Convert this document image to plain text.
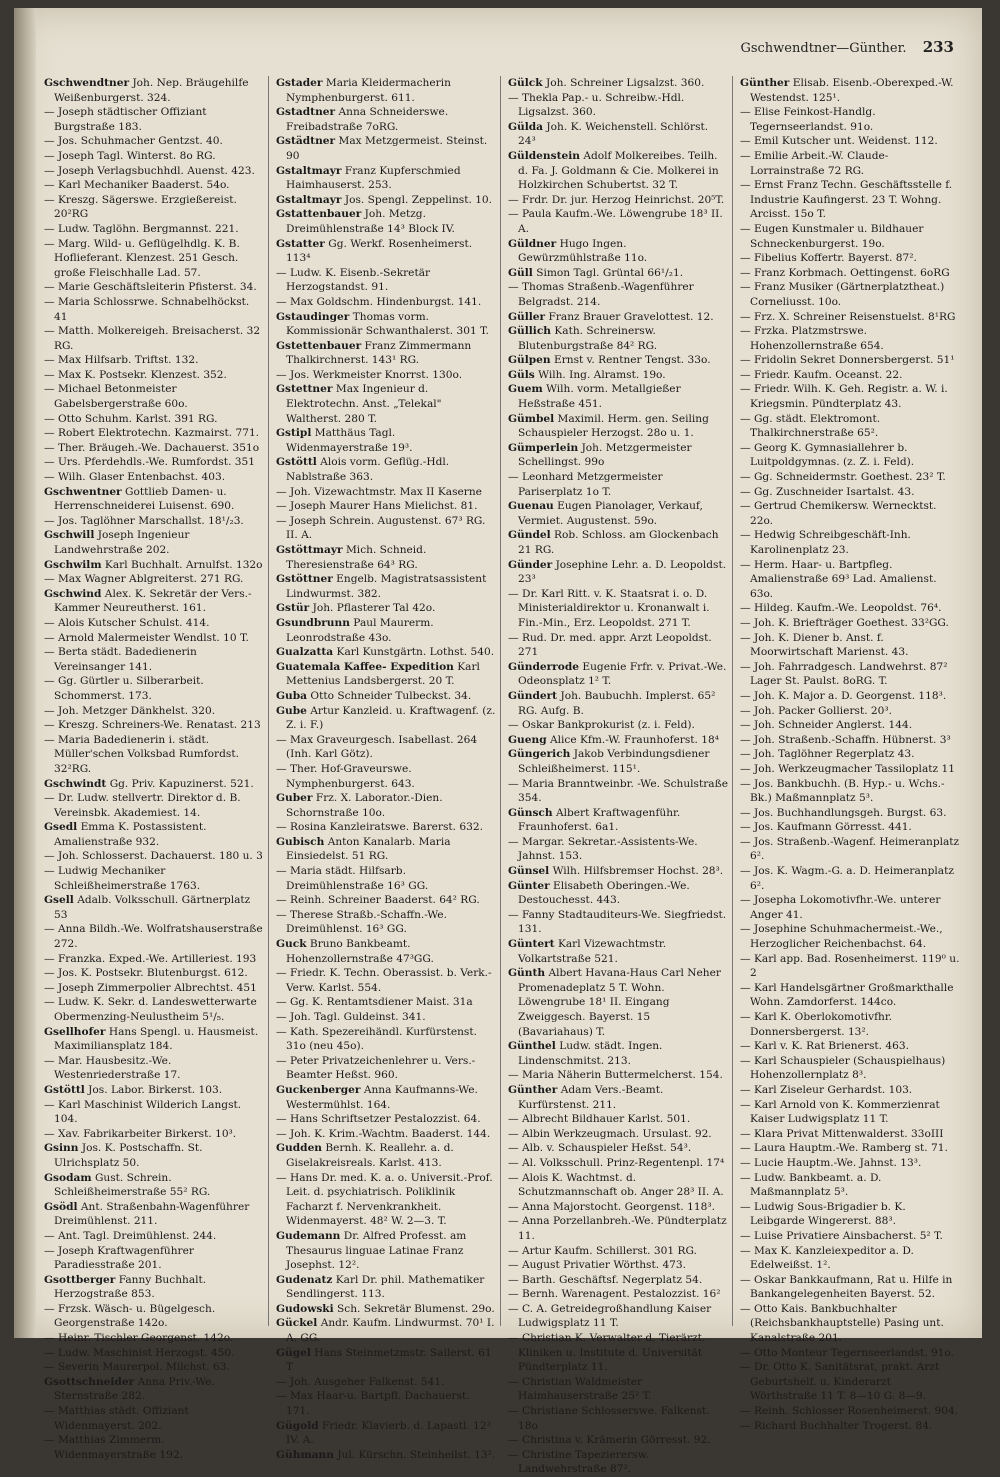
Gschwendtner—Günther. 233
Gschwendtner Joh. Nep. Bräugehilfe Weißenburgerst. 324.
— Joseph städtischer Offiziant Burgstraße 183.
— Jos. Schuhmacher Gentzst. 40.
— Joseph Tagl. Winterst. 8o RG.
— Joseph Verlagsbuchhdl. Auenst. 423.
— Karl Mechaniker Baaderst. 54o.
— Kreszg. Sägerswe. Erzgießereist. 20²RG
— Ludw. Taglöhn. Bergmannst. 221.
— Marg. Wild- u. Geflügelhdlg. K. B. Hoflieferant. Klenzest. 251 Gesch. große Fleischhalle Lad. 57.
— Marie Geschäftsleiterin Pfisterst. 34.
— Maria Schlossrwe. Schnabelhöckst. 41
— Matth. Molkereigeh. Breisacherst. 32 RG.
— Max Hilfsarb. Triftst. 132.
— Max K. Postsekr. Klenzest. 352.
— Michael Betonmeister Gabelsbergerstraße 60o.
— Otto Schuhm. Karlst. 391 RG.
— Robert Elektrotechn. Kazmairst. 771.
— Ther. Bräugeh.-We. Dachauerst. 351o
— Urs. Pferdehdls.-We. Rumfordst. 351
— Wilh. Glaser Entenbachst. 403.
Gschwentner Gottlieb Damen- u. Herrenschneiderei Luisenst. 690.
— Jos. Taglöhner Marschallst. 18¹/₂3.
Gschwill Joseph Ingenieur Landwehrstraße 202.
Gschwilm Karl Buchhalt. Arnulfst. 132o
— Max Wagner Ablgreiterst. 271 RG.
Gschwind Alex. K. Sekretär der Vers.-Kammer Neureutherst. 161.
— Alois Kutscher Schulst. 414.
— Arnold Malermeister Wendlst. 10 T.
— Berta städt. Badedienerin Vereinsanger 141.
— Gg. Gürtler u. Silberarbeit. Schommerst. 173.
— Joh. Metzger Dänkhelst. 320.
— Kreszg. Schreiners-We. Renatast. 213
— Maria Badedienerin i. städt. Müller'schen Volksbad Rumfordst. 32²RG.
Gschwindt Gg. Priv. Kapuzinerst. 521.
— Dr. Ludw. stellvertr. Direktor d. B. Vereinsbk. Akademiest. 14.
Gsedl Emma K. Postassistent. Amalienstraße 932.
— Joh. Schlosserst. Dachauerst. 180 u. 3
— Ludwig Mechaniker Schleißheimerstraße 1763.
Gsell Adalb. Volksschull. Gärtnerplatz 53
— Anna Bildh.-We. Wolfratshauserstraße 272.
— Franzka. Exped.-We. Artilleriest. 193
— Jos. K. Postsekr. Blutenburgst. 612.
— Joseph Zimmerpolier Albrechtst. 451
— Ludw. K. Sekr. d. Landeswetterwarte Obermenzing-Neulustheim 5¹/₅.
Gsellhofer Hans Spengl. u. Hausmeist. Maximiliansplatz 184.
— Mar. Hausbesitz.-We. Westenriederstraße 17.
Gstöttl Jos. Labor. Birkerst. 103.
— Karl Maschinist Wilderich Langst. 104.
— Xav. Fabrikarbeiter Birkerst. 10³.
Gsinn Jos. K. Postschaffn. St. Ulrichsplatz 50.
Gsodam Gust. Schrein. Schleißheimerstraße 55² RG.
Gsödl Ant. Straßenbahn-Wagenführer Dreimühlenst. 211.
— Ant. Tagl. Dreimühlenst. 244.
— Joseph Kraftwagenführer Paradiesstraße 201.
Gsottberger Fanny Buchhalt. Herzogstraße 853.
— Frzsk. Wäsch- u. Bügelgesch. Georgenstraße 142o.
— Heinr. Tischler Georgenst. 142o.
— Ludw. Maschinist Herzogst. 450.
— Severin Maurerpol. Milchst. 63.
Gsottschneider Anna Priv.-We. Sternstraße 282.
— Matthias städt. Offiziant Widenmayerst. 202.
— Matthias Zimmerm. Widenmayerstraße 192.
Gstader Maria Kleidermacherin Nymphenburgerst. 611.
Gstadtner Anna Schneiderswe. Freibadstraße 7oRG.
Gstädtner Max Metzgermeist. Steinst. 90
Gstaltmayr Franz Kupferschmied Haimhauserst. 253.
Gstaltmayr Jos. Spengl. Zeppelinst. 10.
Gstattenbauer Joh. Metzg. Dreimühlenstraße 14³ Block IV.
Gstatter Gg. Werkf. Rosenheimerst. 113⁴
— Ludw. K. Eisenb.-Sekretär Herzogstandst. 91.
— Max Goldschm. Hindenburgst. 141.
Gstaudinger Thomas vorm. Kommissionär Schwanthalerst. 301 T.
Gstettenbauer Franz Zimmermann Thalkirchnerst. 143¹ RG.
— Jos. Werkmeister Knorrst. 130o.
Gstettner Max Ingenieur d. Elektrotechn. Anst. „Telekal" Waltherst. 280 T.
Gstipl Matthäus Tagl. Widenmayerstraße 19³.
Gstöttl Alois vorm. Geflüg.-Hdl. Nablstraße 363.
— Joh. Vizewachtmstr. Max II Kaserne
— Joseph Maurer Hans Mielichst. 81.
— Joseph Schrein. Augustenst. 67³ RG. II. A.
Gstöttmayr Mich. Schneid. Theresienstraße 64³ RG.
Gstöttner Engelb. Magistratsassistent Lindwurmst. 382.
Gstür Joh. Pflasterer Tal 42o.
Gsundbrunn Paul Maurerm. Leonrodstraße 43o.
Gualzatta Karl Kunstgärtn. Lothst. 540.
Guatemala Kaffee- Expedition Karl Mettenius Landsbergerst. 20 T.
Guba Otto Schneider Tulbeckst. 34.
Gube Artur Kanzleid. u. Kraftwagenf. (z. Z. i. F.)
— Max Graveurgesch. Isabellast. 264 (Inh. Karl Götz).
— Ther. Hof-Graveurswe. Nymphenburgerst. 643.
Guber Frz. X. Laborator.-Dien. Schornstraße 10o.
— Rosina Kanzleiratswe. Barerst. 632.
Gubisch Anton Kanalarb. Maria Einsiedelst. 51 RG.
— Maria städt. Hilfsarb. Dreimühlenstraße 16³ GG.
— Reinh. Schreiner Baaderst. 64² RG.
— Therese Straßb.-Schaffn.-We. Dreimühlenst. 16³ GG.
Guck Bruno Bankbeamt. Hohenzollernstraße 47³GG.
— Friedr. K. Techn. Oberassist. b. Verk.-Verw. Karlst. 554.
— Gg. K. Rentamtsdiener Maist. 31a
— Joh. Tagl. Guldeinst. 341.
— Kath. Spezereihändl. Kurfürstenst. 31o (neu 45o).
— Peter Privatzeichenlehrer u. Vers.-Beamter Heßst. 960.
Guckenberger Anna Kaufmanns-We. Westermühlst. 164.
— Hans Schriftsetzer Pestalozzist. 64.
— Joh. K. Krim.-Wachtm. Baaderst. 144.
Gudden Bernh. K. Reallehr. a. d. Giselakreisreals. Karlst. 413.
— Hans Dr. med. K. a. o. Universit.-Prof. Leit. d. psychiatrisch. Poliklinik Facharzt f. Nervenkrankheit. Widenmayerst. 48² W. 2—3. T.
Gudemann Dr. Alfred Professt. am Thesaurus linguae Latinae Franz Josephst. 12².
Gudenatz Karl Dr. phil. Mathematiker Sendlingerst. 113.
Gudowski Sch. Sekretär Blumenst. 29o.
Gückel Andr. Kaufm. Lindwurmst. 70¹ I. A. GG.
Gügel Hans Steinmetzmstr. Sailerst. 61 T
— Joh. Ausgeher Falkenst. 541.
— Max Haar-u. Bartpfl. Dachauerst. 171.
Gügold Friedr. Klavierb. d. Lapastl. 12² IV. A.
Gühmann Jul. Kürschn. Steinheilst. 13².
Gülck Joh. Schreiner Ligsalzst. 360.
— Thekla Pap.- u. Schreibw.-Hdl. Ligsalzst. 360.
Gülda Joh. K. Weichenstell. Schlörst. 24³
Güldenstein Adolf Molkereibes. Teilh. d. Fa. J. Goldmann & Cie. Molkerei in Holzkirchen Schubertst. 32 T.
— Frdr. Dr. jur. Herzog Heinrichst. 20⁵T.
— Paula Kaufm.-We. Löwengrube 18³ II. A.
Güldner Hugo Ingen. Gewürzmühlstraße 11o.
Güll Simon Tagl. Grüntal 66¹/₂1.
— Thomas Straßenb.-Wagenführer Belgradst. 214.
Güller Franz Brauer Gravelottest. 12.
Güllich Kath. Schreinersw. Blutenburgstraße 84² RG.
Gülpen Ernst v. Rentner Tengst. 33o.
Güls Wilh. Ing. Alramst. 19o.
Guem Wilh. vorm. Metallgießer Heßstraße 451.
Gümbel Maximil. Herm. gen. Seiling Schauspieler Herzogst. 28o u. 1.
Gümperlein Joh. Metzgermeister Schellingst. 99o
— Leonhard Metzgermeister Pariserplatz 1o T.
Guenau Eugen Pianolager, Verkauf, Vermiet. Augustenst. 59o.
Gündel Rob. Schloss. am Glockenbach 21 RG.
Günder Josephine Lehr. a. D. Leopoldst. 23³
— Dr. Karl Ritt. v. K. Staatsrat i. o. D. Ministerialdirektor u. Kronanwalt i. Fin.-Min., Erz. Leopoldst. 271 T.
— Rud. Dr. med. appr. Arzt Leopoldst. 271
Günderrode Eugenie Frfr. v. Privat.-We. Odeonsplatz 1² T.
Gündert Joh. Baubuchh. Implerst. 65² RG. Aufg. B.
— Oskar Bankprokurist (z. i. Feld).
Gueng Alice Kfm.-W. Fraunhoferst. 18⁴
Güngerich Jakob Verbindungsdiener Schleißheimerst. 115¹.
— Maria Branntweinbr. -We. Schulstraße 354.
Günsch Albert Kraftwagenführ. Fraunhoferst. 6a1.
— Margar. Sekretar.-Assistents-We. Jahnst. 153.
Günsel Wilh. Hilfsbremser Hochst. 28³.
Günter Elisabeth Oberingen.-We. Destouchesst. 443.
— Fanny Stadtauditeurs-We. Siegfriedst. 131.
Güntert Karl Vizewachtmstr. Volkartstraße 521.
Günth Albert Havana-Haus Carl Neher Promenadeplatz 5 T. Wohn. Löwengrube 18¹ II. Eingang Zweiggesch. Bayerst. 15 (Bavariahaus) T.
Günthel Ludw. städt. Ingen. Lindenschmitst. 213.
— Maria Näherin Buttermelcherst. 154.
Günther Adam Vers.-Beamt. Kurfürstenst. 211.
— Albrecht Bildhauer Karlst. 501.
— Albin Werkzeugmach. Ursulast. 92.
— Alb. v. Schauspieler Heßst. 54³.
— Al. Volksschull. Prinz-Regentenpl. 17⁴
— Alois K. Wachtmst. d. Schutzmannschaft ob. Anger 28³ II. A.
— Anna Majorstocht. Georgenst. 118³.
— Anna Porzellanbreh.-We. Pündterplatz 11.
— Artur Kaufm. Schillerst. 301 RG.
— August Privatier Wörthst. 473.
— Barth. Geschäftsf. Negerplatz 54.
— Bernh. Warenagent. Pestalozzist. 16²
— C. A. Getreidegroßhandlung Kaiser Ludwigsplatz 11 T.
— Christian K. Verwalter d. Tierärzt. Kliniken u. Institute d. Universität Pündterplatz 11.
— Christian Waldmeister Haimhauserstraße 25² T.
— Christiane Schlosserswe. Falkenst. 18o
— Christina v. Krämerin Görresst. 92.
— Christine Tapezierersw. Landwehrstraße 87².
Günther Elisab. Eisenb.-Oberexped.-W. Westendst. 125¹.
— Elise Feinkost-Handlg. Tegernseerlandst. 91o.
— Emil Kutscher unt. Weidenst. 112.
— Emilie Arbeit.-W. Claude-Lorrainstraße 72 RG.
— Ernst Franz Techn. Geschäftsstelle f. Industrie Kaufingerst. 23 T. Wohng. Arcisst. 15o T.
— Eugen Kunstmaler u. Bildhauer Schneckenburgerst. 19o.
— Fibelius Koffertr. Bayerst. 87².
— Franz Korbmach. Oettingenst. 6oRG
— Franz Musiker (Gärtnerplatztheat.) Corneliusst. 10o.
— Frz. X. Schreiner Reisenstuelst. 8¹RG
— Frzka. Platzmstrswe. Hohenzollernstraße 654.
— Fridolin Sekret Donnersbergerst. 51¹
— Friedr. Kaufm. Oceanst. 22.
— Friedr. Wilh. K. Geh. Registr. a. W. i. Kriegsmin. Pündterplatz 43.
— Gg. städt. Elektromont. Thalkirchnerstraße 65².
— Georg K. Gymnasiallehrer b. Luitpoldgymnas. (z. Z. i. Feld).
— Gg. Schneidermstr. Goethest. 23² T.
— Gg. Zuschneider Isartalst. 43.
— Gertrud Chemikersw. Wernecktst. 22o.
— Hedwig Schreibgeschäft-Inh. Karolinenplatz 23.
— Herm. Haar- u. Bartpfleg. Amalienstraße 69³ Lad. Amalienst. 63o.
— Hildeg. Kaufm.-We. Leopoldst. 76⁴.
— Joh. K. Briefträger Goethest. 33²GG.
— Joh. K. Diener b. Anst. f. Moorwirtschaft Marienst. 43.
— Joh. Fahrradgesch. Landwehrst. 87² Lager St. Paulst. 8oRG. T.
— Joh. K. Major a. D. Georgenst. 118³.
— Joh. Packer Gollierst. 20³.
— Joh. Schneider Anglerst. 144.
— Joh. Straßenb.-Schaffn. Hübnerst. 3³
— Joh. Taglöhner Regerplatz 43.
— Joh. Werkzeugmacher Tassiloplatz 11
— Jos. Bankbuchh. (B. Hyp.- u. Wchs.-Bk.) Maßmannplatz 5³.
— Jos. Buchhandlungsgeh. Burgst. 63.
— Jos. Kaufmann Görresst. 441.
— Jos. Straßenb.-Wagenf. Heimeranplatz 6².
— Jos. K. Wagm.-G. a. D. Heimeranplatz 6².
— Josepha Lokomotivfhr.-We. unterer Anger 41.
— Josephine Schuhmachermeist.-We., Herzoglicher Reichenbachst. 64.
— Karl app. Bad. Rosenheimerst. 119⁰ u. 2
— Karl Handelsgärtner Großmarkthalle Wohn. Zamdorferst. 144co.
— Karl K. Oberlokomotivfhr. Donnersbergerst. 13².
— Karl v. K. Rat Brienerst. 463.
— Karl Schauspieler (Schauspielhaus) Hohenzollernplatz 8³.
— Karl Ziseleur Gerhardst. 103.
— Karl Arnold von K. Kommerzienrat Kaiser Ludwigsplatz 11 T.
— Klara Privat Mittenwalderst. 33oIII
— Laura Hauptm.-We. Ramberg st. 71.
— Lucie Hauptm.-We. Jahnst. 13³.
— Ludw. Bankbeamt. a. D. Maßmannplatz 5³.
— Ludwig Sous-Brigadier b. K. Leibgarde Wingererst. 88³.
— Luise Privatiere Ainsbacherst. 5² T.
— Max K. Kanzleiexpeditor a. D. Edelweißst. 1².
— Oskar Bankkaufmann, Rat u. Hilfe in Bankangelegenheiten Bayerst. 52.
— Otto Kais. Bankbuchhalter (Reichsbankhauptstelle) Pasing unt. Kanalstraße 201.
— Otto Monteur Tegernseerlandst. 91o.
— Dr. Otto K. Sanitätsrat, prakt. Arzt Geburtshelf. u. Kinderarzt Wörthstraße 11 T. 8—10 G. 8—9.
— Reinh. Schlosser Rosenheimerst. 904.
— Richard Buchhalter Trogerst. 84.
